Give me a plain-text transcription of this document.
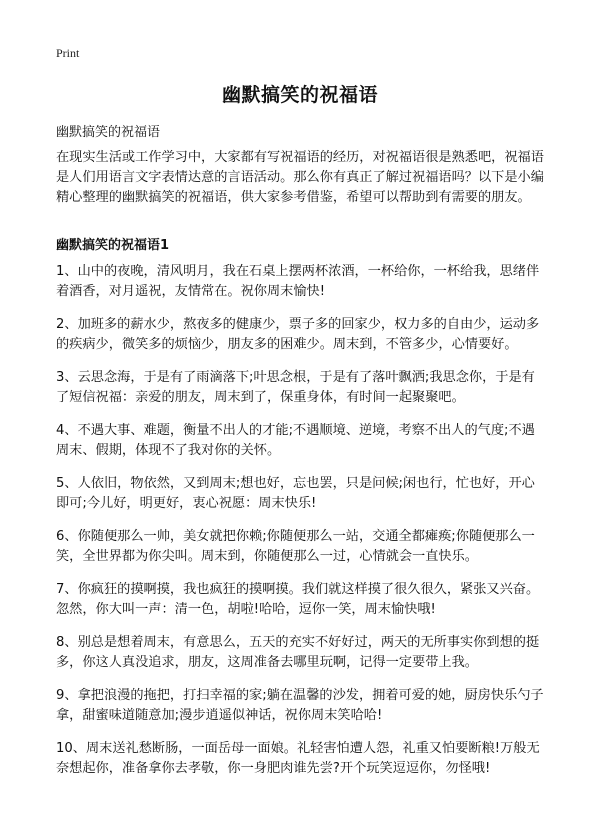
Print
幽默搞笑的祝福语
幽默搞笑的祝福语
在现实生活或工作学习中，大家都有写祝福语的经历，对祝福语很是熟悉吧，祝福语是人们用语言文字表情达意的言语活动。那么你有真正了解过祝福语吗？以下是小编精心整理的幽默搞笑的祝福语，供大家参考借鉴，希望可以帮助到有需要的朋友。
幽默搞笑的祝福语1
1、山中的夜晚，清风明月，我在石桌上摆两杯浓酒，一杯给你，一杯给我，思绪伴着酒香，对月遥祝，友情常在。祝你周末愉快!
2、加班多的薪水少，熬夜多的健康少，票子多的回家少，权力多的自由少，运动多的疾病少，微笑多的烦恼少，朋友多的困难少。周末到，不管多少，心情要好。
3、云思念海，于是有了雨滴落下;叶思念根，于是有了落叶飘洒;我思念你，于是有了短信祝福：亲爱的朋友，周末到了，保重身体，有时间一起聚聚吧。
4、不遇大事、难题，衡量不出人的才能;不遇顺境、逆境，考察不出人的气度;不遇周末、假期，体现不了我对你的关怀。
5、人依旧，物依然，又到周末;想也好，忘也罢，只是问候;闲也行，忙也好，开心即可;今儿好，明更好，衷心祝愿：周末快乐!
6、你随便那么一帅，美女就把你赖;你随便那么一站，交通全都瘫痪;你随便那么一笑，全世界都为你尖叫。周末到，你随便那么一过，心情就会一直快乐。
7、你疯狂的摸啊摸，我也疯狂的摸啊摸。我们就这样摸了很久很久，紧张又兴奋。忽然，你大叫一声：清一色，胡啦!哈哈，逗你一笑，周末愉快哦!
8、别总是想着周末，有意思么，五天的充实不好好过，两天的无所事实你到想的挺多，你这人真没追求，朋友，这周准备去哪里玩啊，记得一定要带上我。
9、拿把浪漫的拖把，打扫幸福的家;躺在温馨的沙发，拥着可爱的她，厨房快乐勺子拿，甜蜜味道随意加;漫步逍遥似神话，祝你周末笑哈哈!
10、周末送礼愁断肠，一面岳母一面娘。礼轻害怕遭人怨，礼重又怕要断粮!万般无奈想起你，准备拿你去孝敬，你一身肥肉谁先尝?开个玩笑逗逗你，勿怪哦!
